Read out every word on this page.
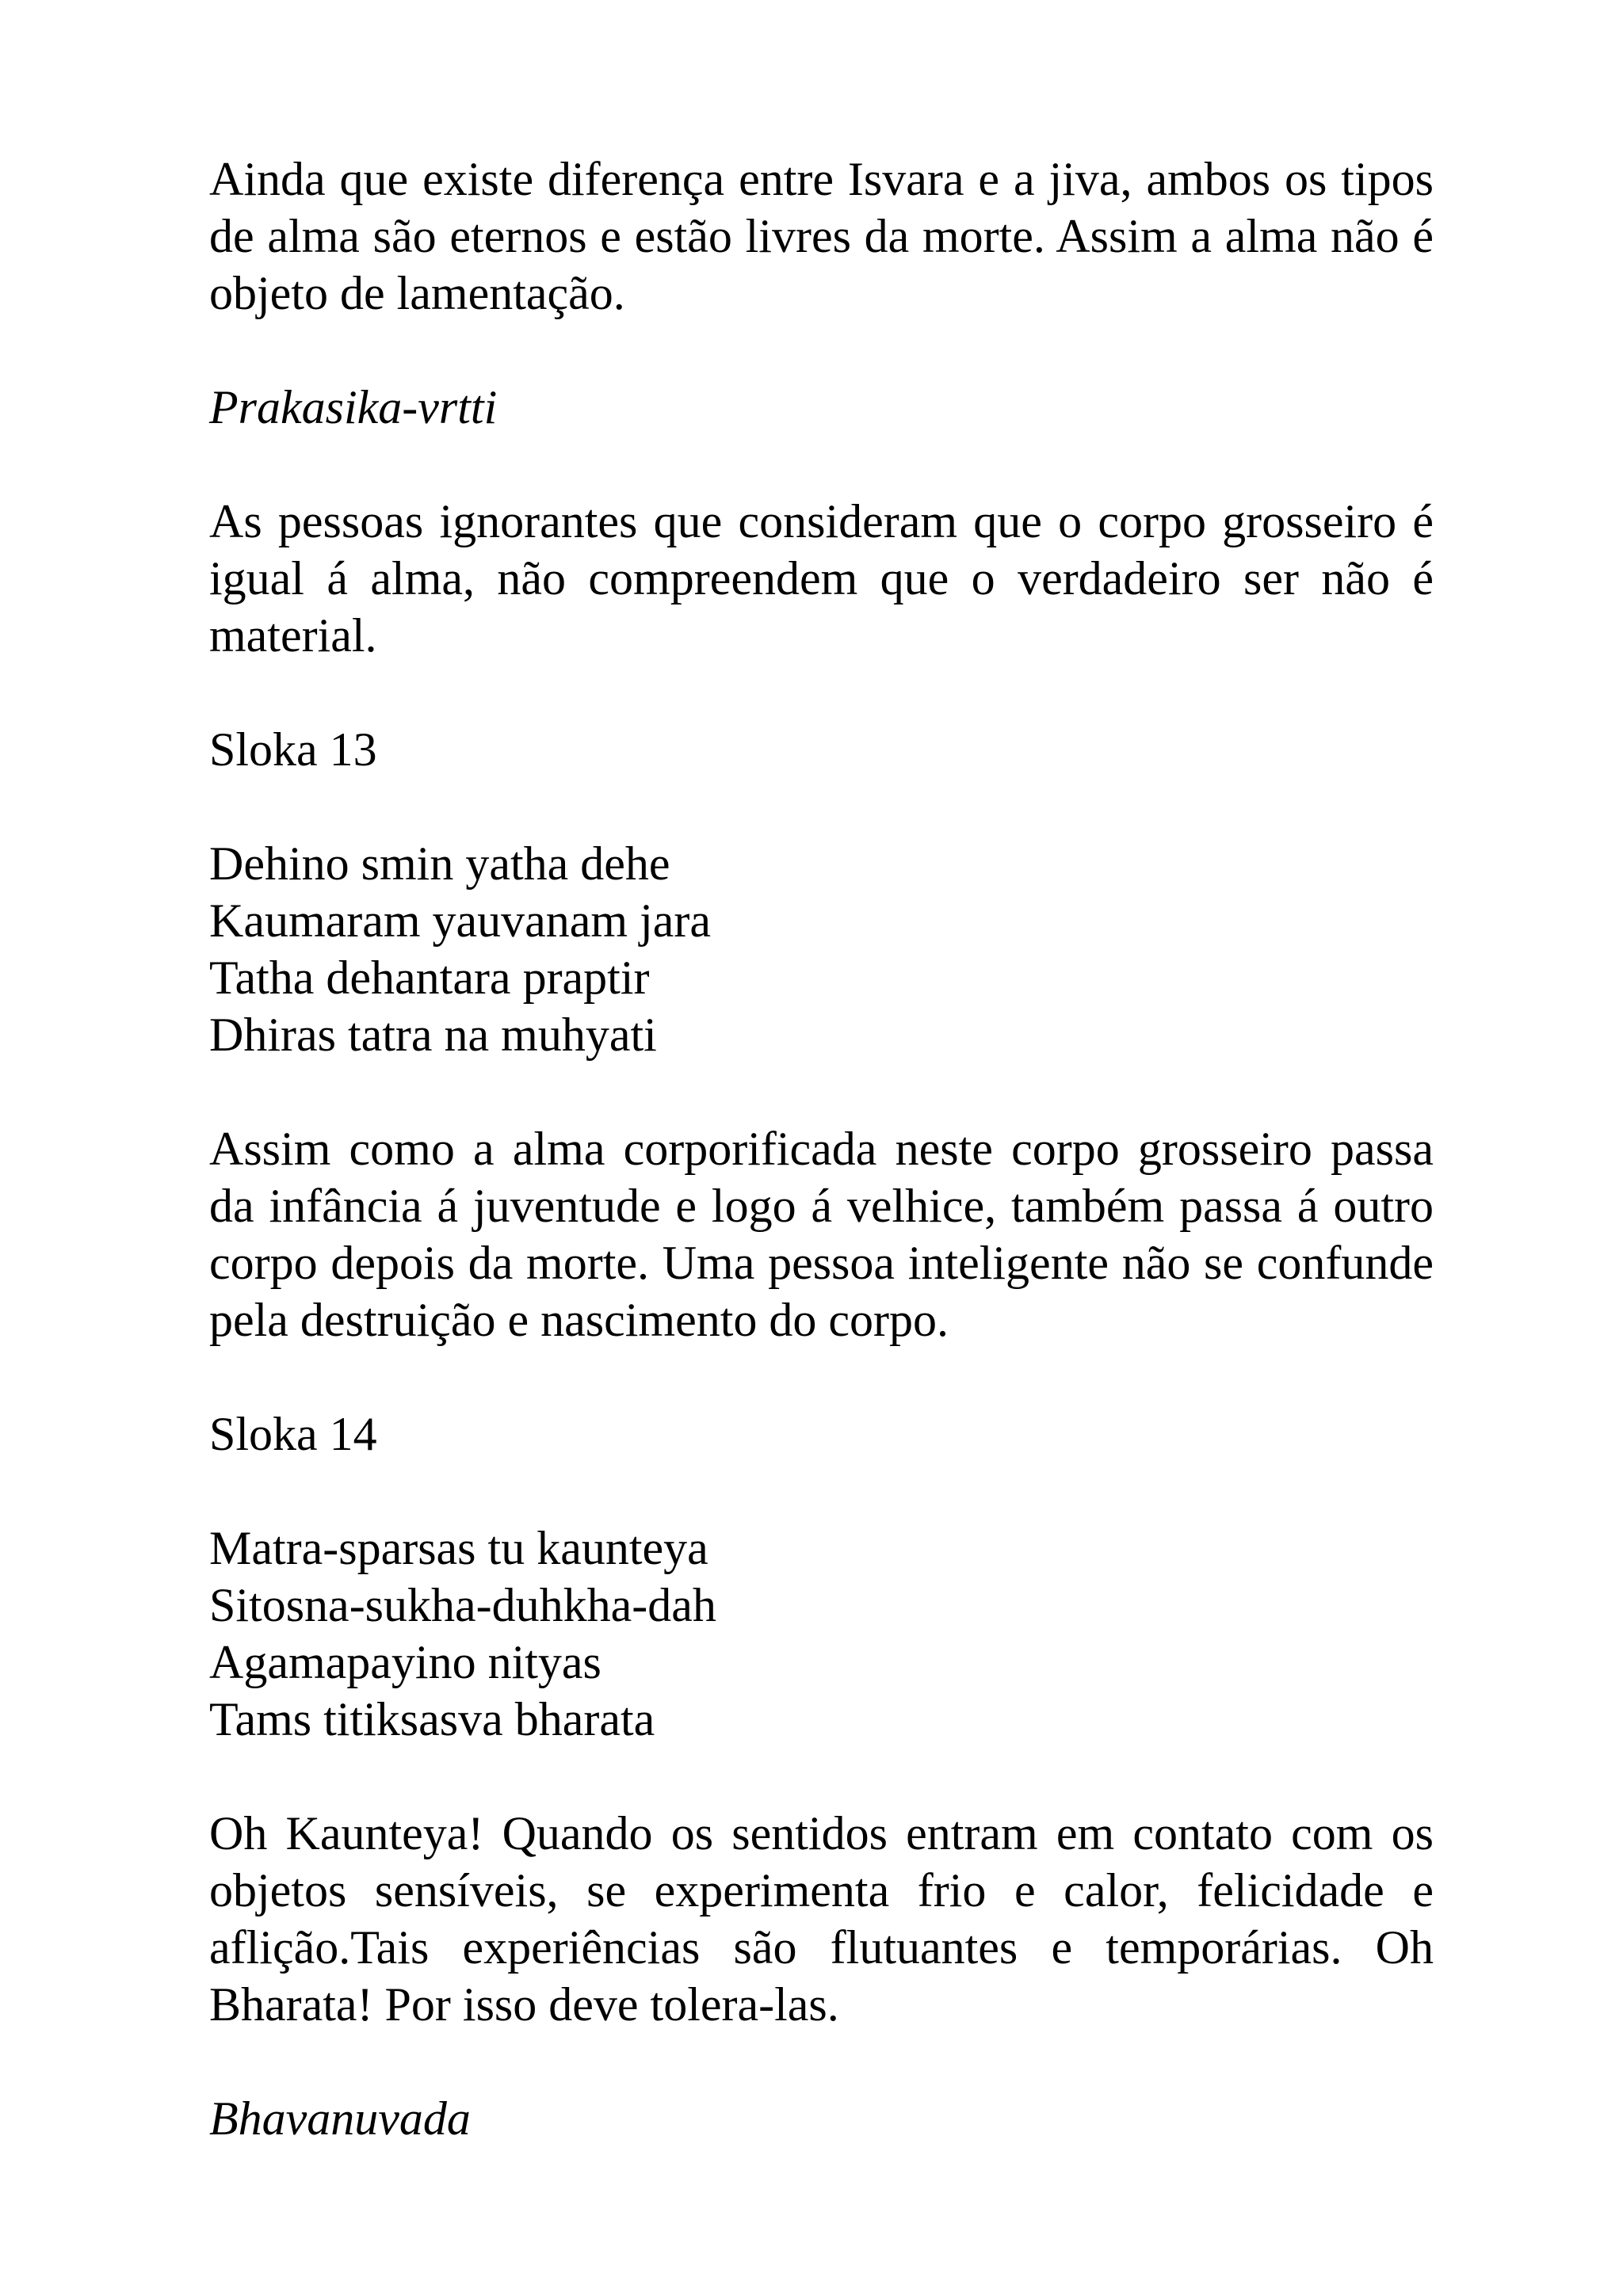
Ainda que existe diferença entre Isvara e a jiva, ambos os tipos de alma são eternos e estão livres da morte. Assim a alma não é objeto de lamentação.

Prakasika-vrtti

As pessoas ignorantes que consideram que o corpo grosseiro é igual á alma, não compreendem que o verdadeiro ser não é material.

Sloka 13

Dehino smin yatha dehe
Kaumaram yauvanam jara
Tatha dehantara praptir
Dhiras tatra na muhyati

Assim como a alma corporificada neste corpo grosseiro passa da infância á juventude e logo á velhice, também passa á outro corpo depois da morte. Uma pessoa inteligente não se confunde pela destruição e nascimento do corpo.

Sloka 14

Matra-sparsas tu kaunteya
Sitosna-sukha-duhkha-dah
Agamapayino nityas
Tams titiksasva bharata

Oh Kaunteya! Quando os sentidos entram em contato com os objetos sensíveis, se experimenta frio e calor, felicidade e aflição.Tais experiências são flutuantes e temporárias. Oh Bharata! Por isso deve tolera-las.

Bhavanuvada
